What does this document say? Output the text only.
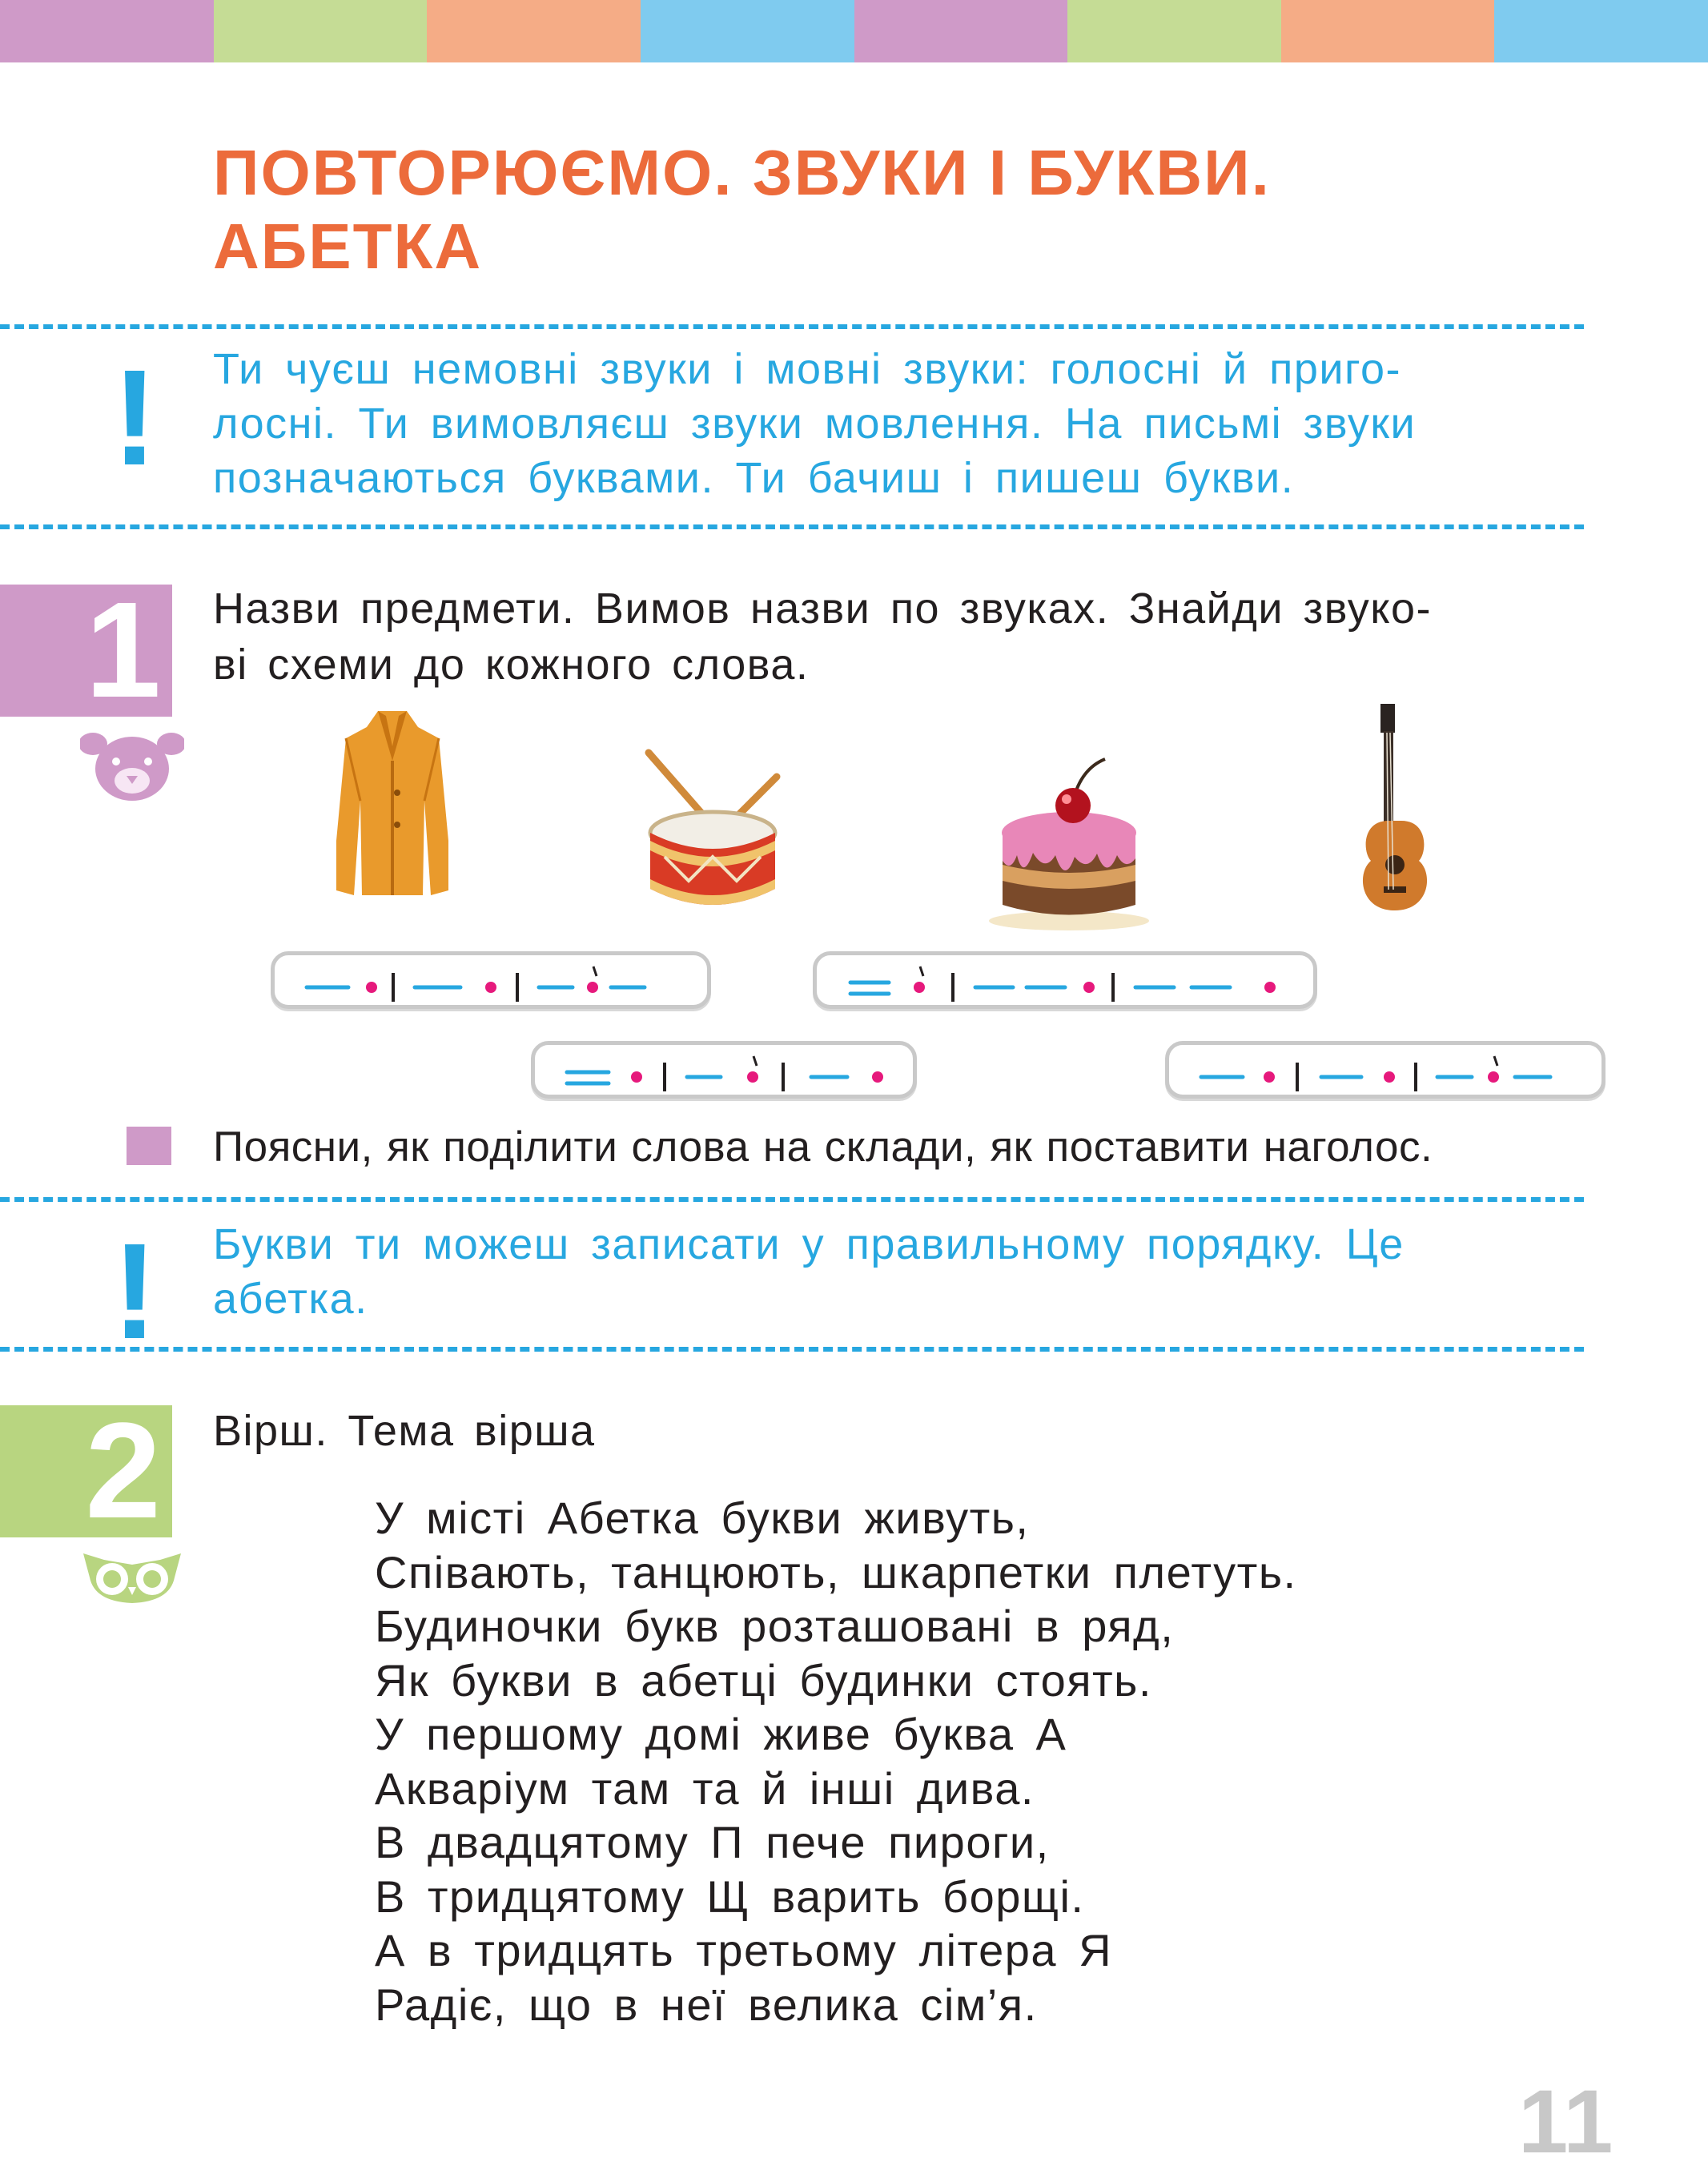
ПОВТОРЮЄМО. ЗВУКИ І БУКВИ.
АБЕТКА
! Ти чуєш немовні звуки і мовні звуки: голосні й приго-
лосні. Ти вимовляєш звуки мовлення. На письмі звуки
позначаються буквами. Ти бачиш і пишеш букви.
1 Назви предмети. Вимов назви по звуках. Знайди звуко-
ві схеми до кожного слова.
Поясни, як поділити слова на склади, як поставити наголос.
! Букви ти можеш записати у правильному порядку. Це
абетка.
2 Вірш. Тема вірша
У місті Абетка букви живуть,
Співають, танцюють, шкарпетки плетуть.
Будиночки букв розташовані в ряд,
Як букви в абетці будинки стоять.
У першому домі живе буква А
Акваріум там та й інші дива.
В двадцятому П пече пироги,
В тридцятому Щ варить борщі.
А в тридцять третьому літера Я
Радіє, що в неї велика сім’я.
11
